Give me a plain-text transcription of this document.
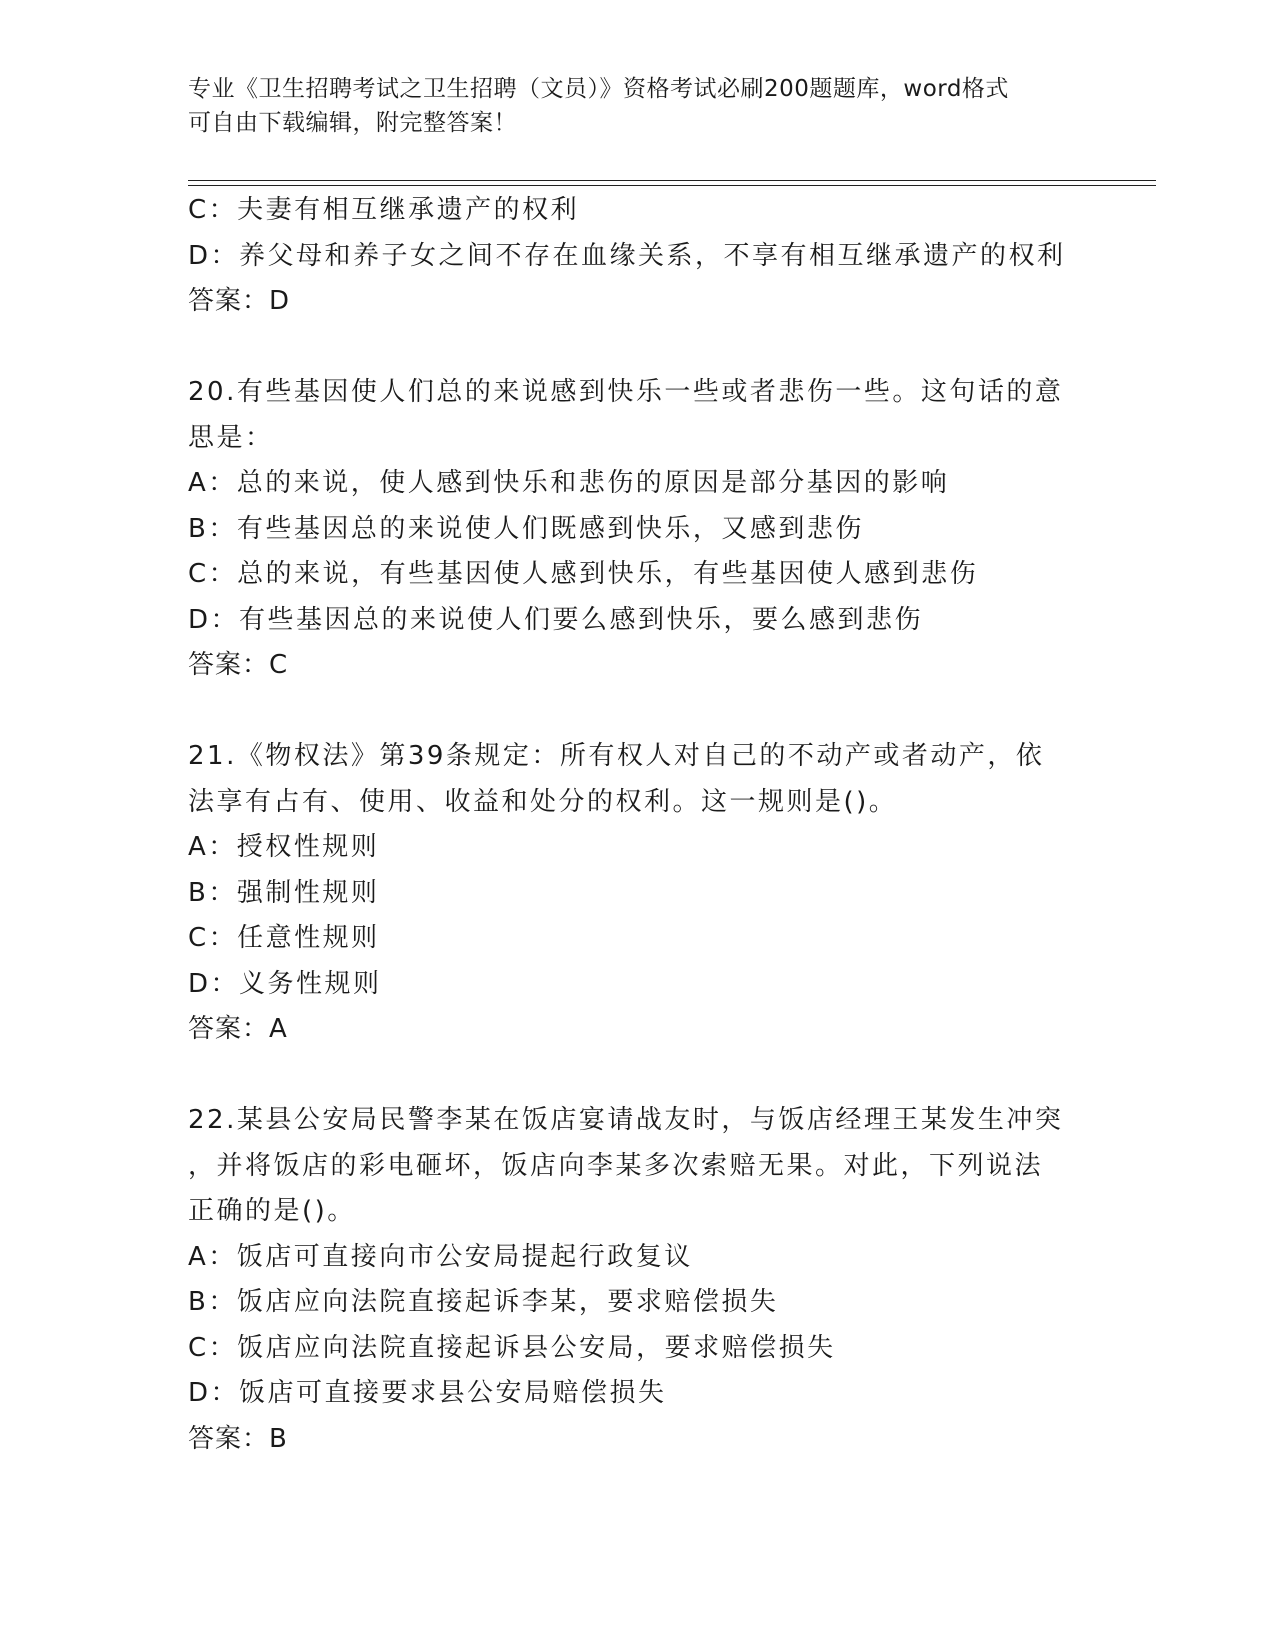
专业《卫生招聘考试之卫生招聘（文员）》资格考试必刷200题题库，word格式
可自由下载编辑，附完整答案！
C：夫妻有相互继承遗产的权利
D：养父母和养子女之间不存在血缘关系，不享有相互继承遗产的权利
答案：D
20.有些基因使人们总的来说感到快乐一些或者悲伤一些。这句话的意
思是：
A：总的来说，使人感到快乐和悲伤的原因是部分基因的影响
B：有些基因总的来说使人们既感到快乐，又感到悲伤
C：总的来说，有些基因使人感到快乐，有些基因使人感到悲伤
D：有些基因总的来说使人们要么感到快乐，要么感到悲伤
答案：C
21.《物权法》第39条规定：所有权人对自己的不动产或者动产，依
法享有占有、使用、收益和处分的权利。这一规则是()。
A：授权性规则
B：强制性规则
C：任意性规则
D：义务性规则
答案：A
22.某县公安局民警李某在饭店宴请战友时，与饭店经理王某发生冲突
，并将饭店的彩电砸坏，饭店向李某多次索赔无果。对此，下列说法
正确的是()。
A：饭店可直接向市公安局提起行政复议
B：饭店应向法院直接起诉李某，要求赔偿损失
C：饭店应向法院直接起诉县公安局，要求赔偿损失
D：饭店可直接要求县公安局赔偿损失
答案：B
